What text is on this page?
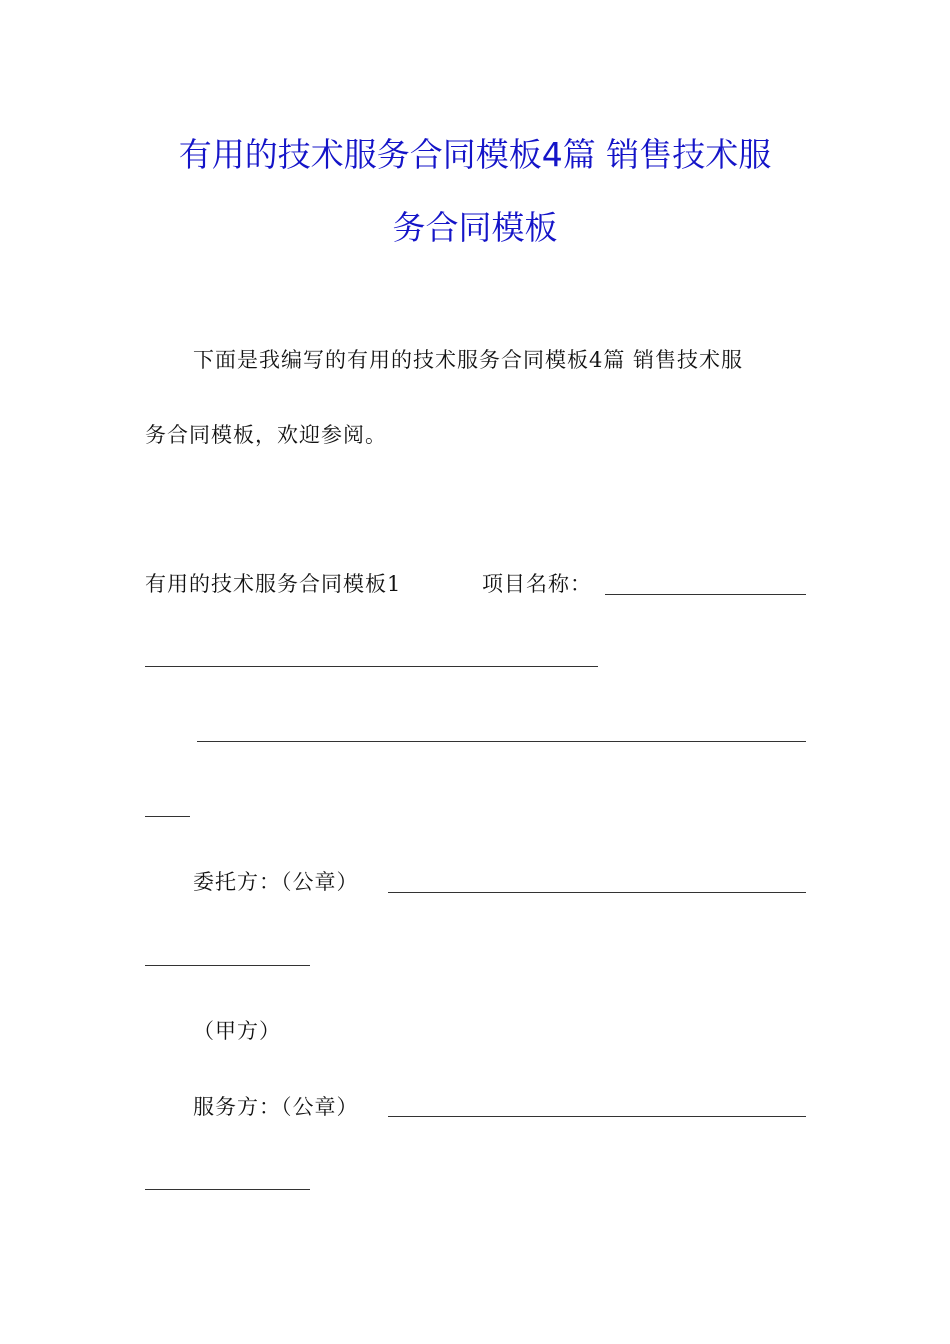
有用的技术服务合同模板4篇 销售技术服
务合同模板
下面是我编写的有用的技术服务合同模板4篇 销售技术服
务合同模板，欢迎参阅。
有用的技术服务合同模板1	项目名称：
委托方：（公章）
（甲方）
服务方：（公章）
